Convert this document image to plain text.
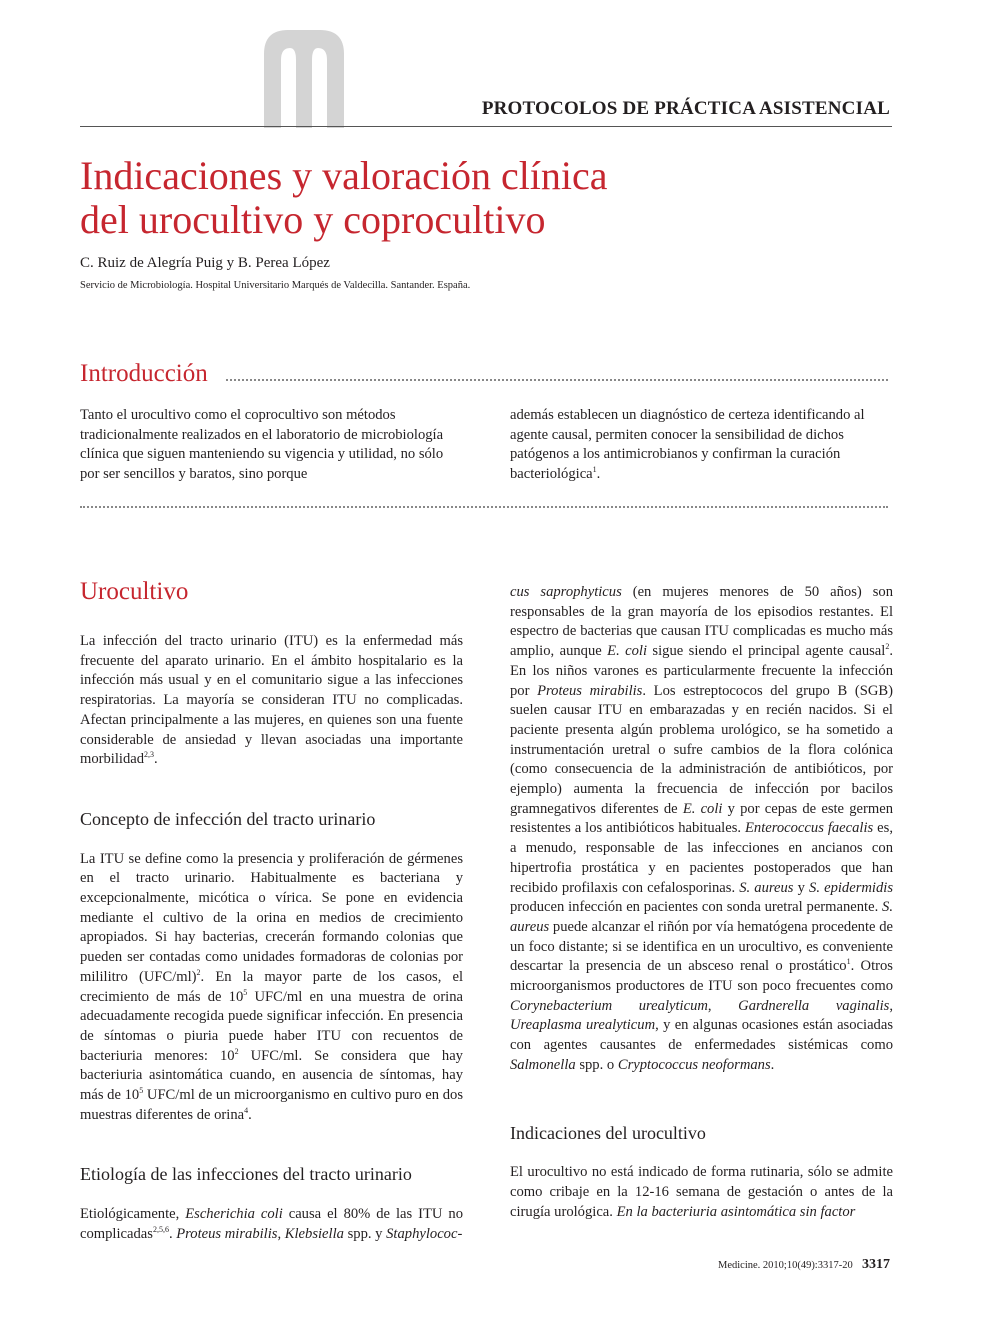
PROTOCOLOS DE PRÁCTICA ASISTENCIAL
Indicaciones y valoración clínica
del urocultivo y coprocultivo
C. Ruiz de Alegría Puig y B. Perea López
Servicio de Microbiología. Hospital Universitario Marqués de Valdecilla. Santander. España.
Introducción

Tanto el urocultivo como el coprocultivo son métodos tradicionalmente realizados en el laboratorio de microbiología clínica que siguen manteniendo su vigencia y utilidad, no sólo por ser sencillos y baratos, sino porque

además establecen un diagnóstico de certeza identificando al agente causal, permiten conocer la sensibilidad de dichos patógenos a los antimicrobianos y confirman la curación bacteriológica$^1$.

Urocultivo

La infección del tracto urinario (ITU) es la enfermedad más frecuente del aparato urinario. En el ámbito hospitalario es la infección más usual y en el comunitario sigue a las infecciones respiratorias. La mayoría se consideran ITU no complicadas. Afectan principalmente a las mujeres, en quienes son una fuente considerable de ansiedad y llevan asociadas una importante morbilidad$^{2,3}$.

Concepto de infección del tracto urinario

La ITU se define como la presencia y proliferación de gérmenes en el tracto urinario. Habitualmente es bacteriana y excepcionalmente, micótica o vírica. Se pone en evidencia mediante el cultivo de la orina en medios de crecimiento apropiados. Si hay bacterias, crecerán formando colonias que pueden ser contadas como unidades formadoras de colonias por mililitro $(UFC/ml)^2$. En la mayor parte de los casos, el crecimiento de más de $10^5$ UFC/ml en una muestra de orina adecuadamente recogida puede significar infección. En presencia de síntomas o piuria puede haber ITU con recuentos de bacteriuria menores: $10^2$ UFC/ml. Se considera que hay bacteriuria asintomática cuando, en ausencia de síntomas, hay más de $10^5$ UFC/ml de un microorganismo en cultivo puro en dos muestras diferentes de orina$^4$.

Etiología de las infecciones del tracto urinario

Etiológicamente, Escherichia coli causa el 80% de las ITU no complicadas$^{2,5,6}$. Proteus mirabilis, Klebsiella spp. y Staphylococ-

cus saprophyticus (en mujeres menores de 50 años) son responsables de la gran mayoría de los episodios restantes. El espectro de bacterias que causan ITU complicadas es mucho más amplio, aunque E. coli sigue siendo el principal agente causal$^2$. En los niños varones es particularmente frecuente la infección por Proteus mirabilis. Los estreptococos del grupo B (SGB) suelen causar ITU en embarazadas y en recién nacidos. Si el paciente presenta algún problema urológico, se ha sometido a instrumentación uretral o sufre cambios de la flora colónica (como consecuencia de la administración de antibióticos, por ejemplo) aumenta la frecuencia de infección por bacilos gramnegativos diferentes de E. coli y por cepas de este germen resistentes a los antibióticos habituales. Enterococcus faecalis es, a menudo, responsable de las infecciones en ancianos con hipertrofia prostática y en pacientes postoperados que han recibido profilaxis con cefalosporinas. S. aureus y S. epidermidis producen infección en pacientes con sonda uretral permanente. S. aureus puede alcanzar el riñón por vía hematógena procedente de un foco distante; si se identifica en un urocultivo, es conveniente descartar la presencia de un absceso renal o prostático$^1$. Otros microorganismos productores de ITU son poco frecuentes como Corynebacterium urealyticum, Gardnerella vaginalis, Ureaplasma urealyticum, y en algunas ocasiones están asociadas con agentes causantes de enfermedades sistémicas como Salmonella spp. o Cryptococcus neoformans.

Indicaciones del urocultivo

El urocultivo no está indicado de forma rutinaria, sólo se admite como cribaje en la 12-16 semana de gestación o antes de la cirugía urológica. En la bacteriuria asintomática sin factor

Medicine. 2010;10(49):3317-20 3317
